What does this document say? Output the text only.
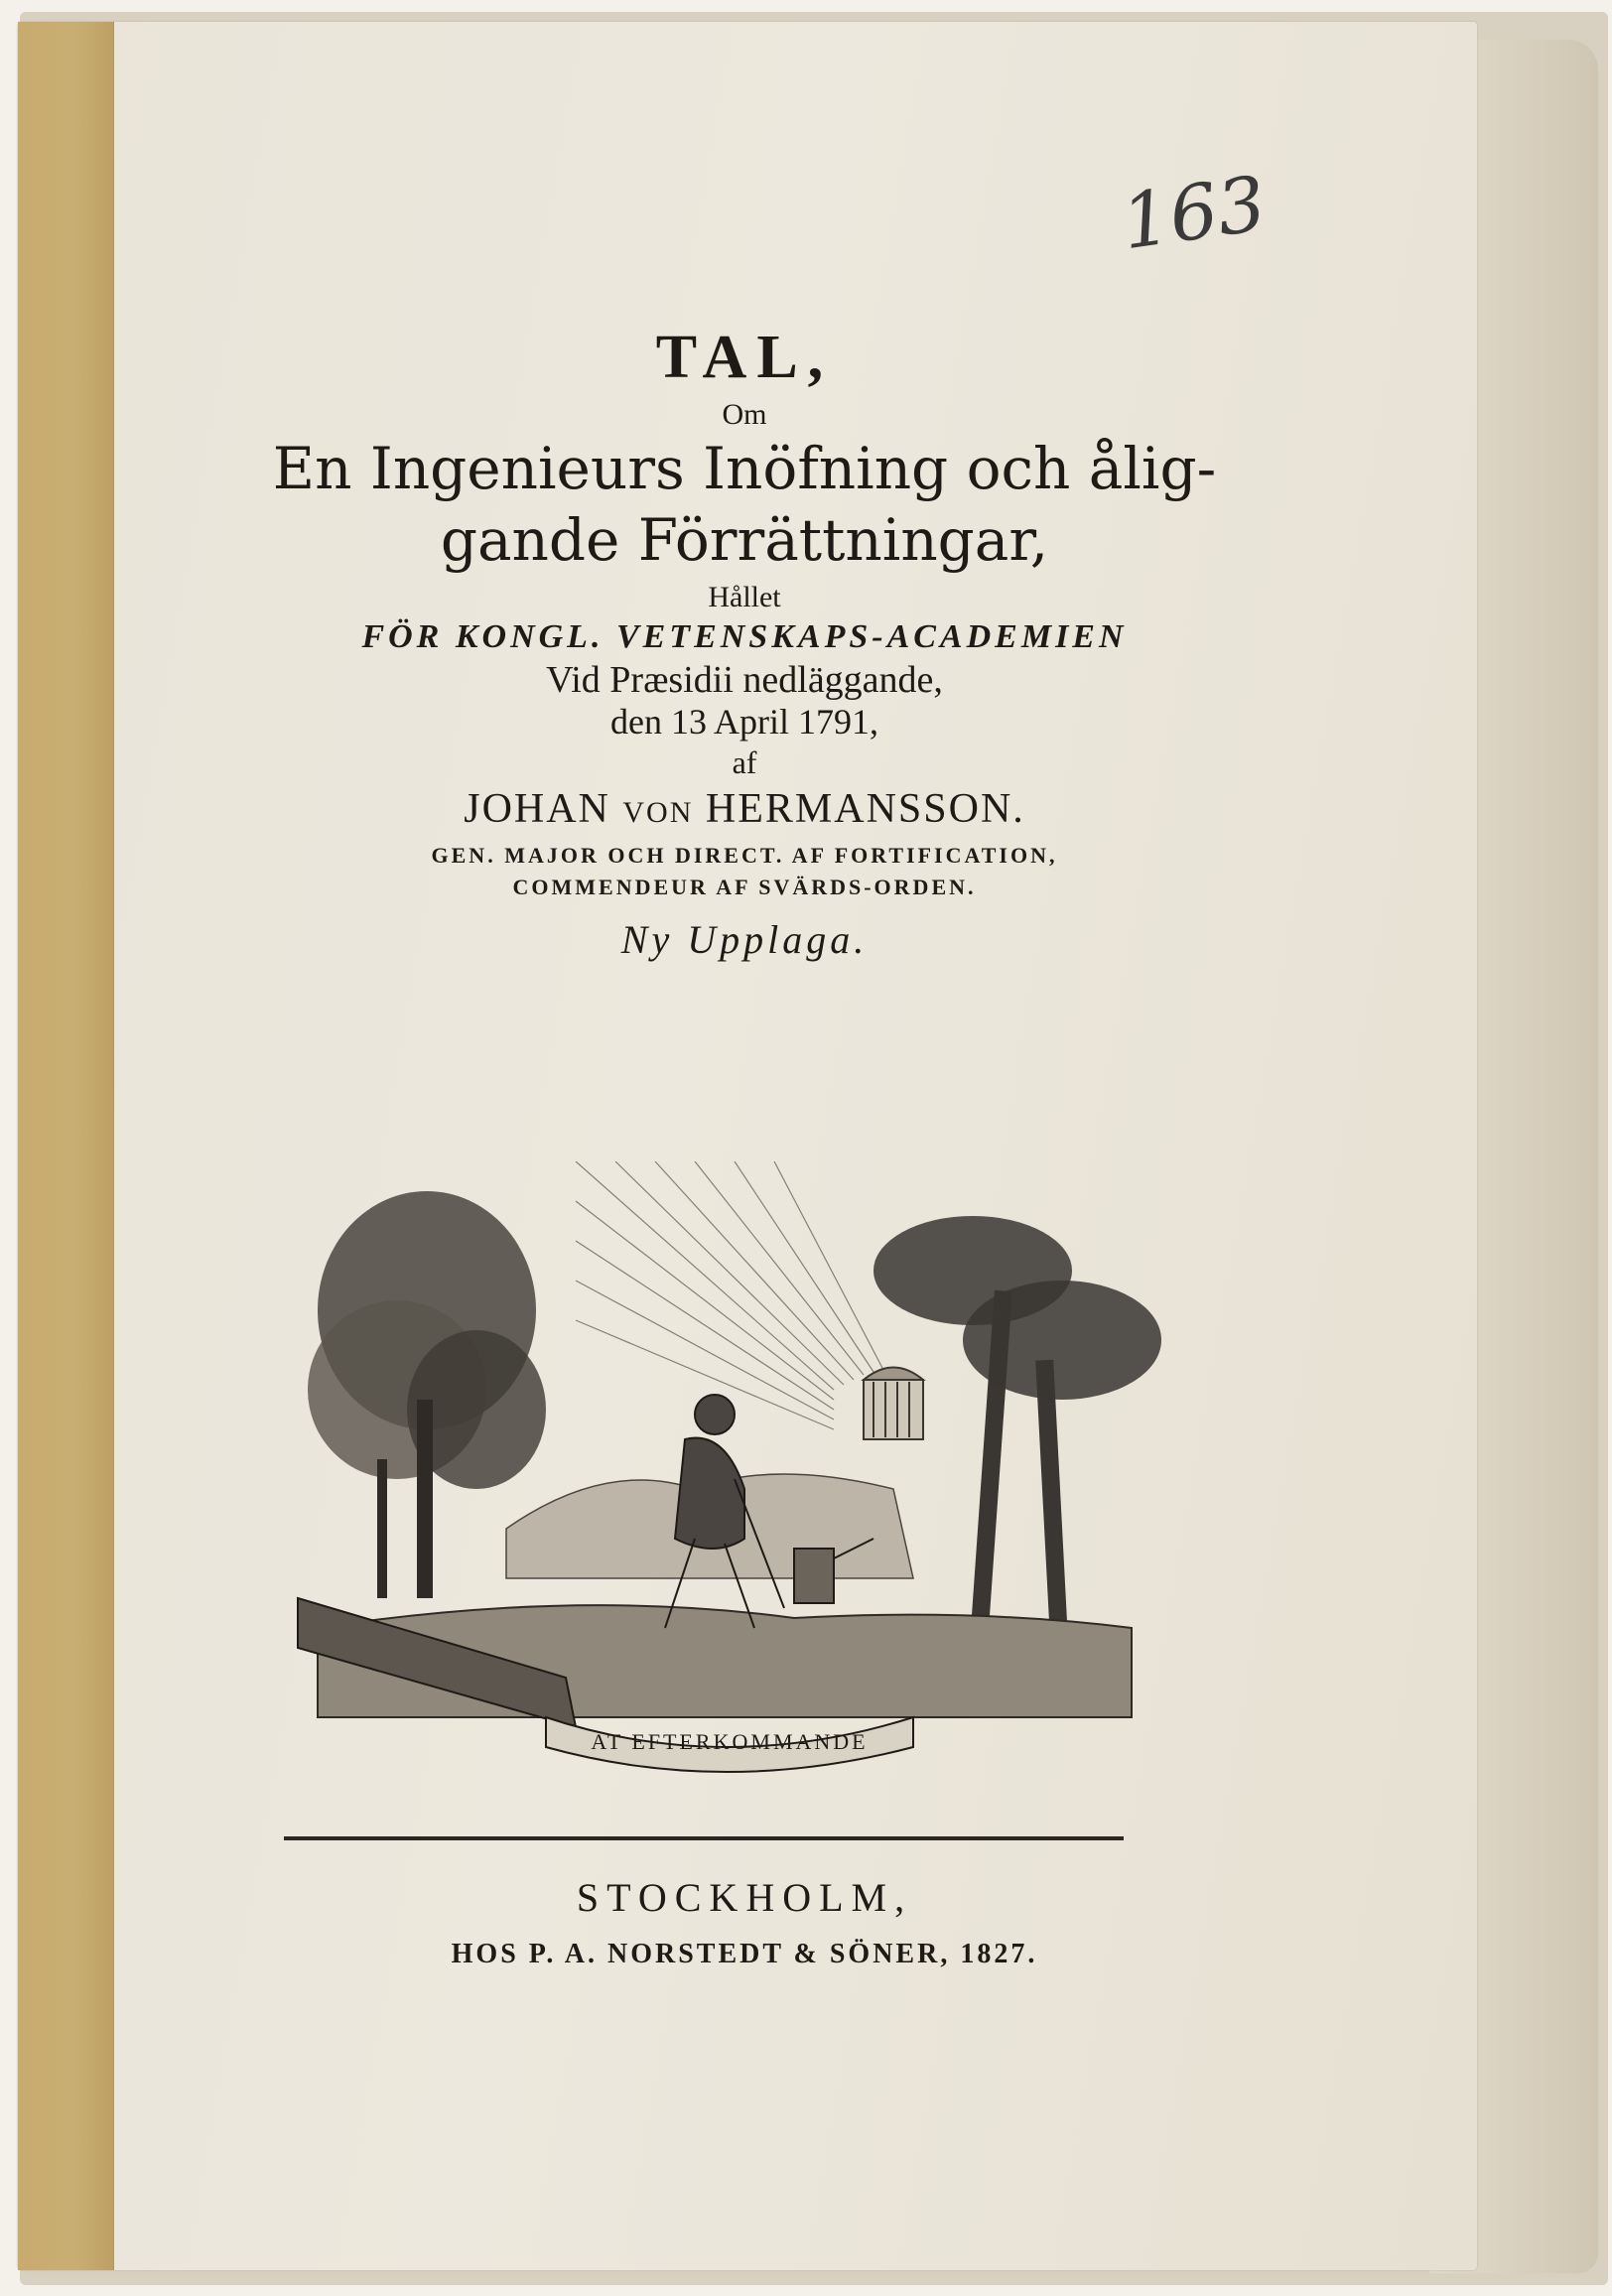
163

TAL,

Om

En Ingenieurs Inöfning och ålig-

gande Förrättningar,

Hållet

FÖR KONGL. VETENSKAPS-ACADEMIEN

Vid Præsidii nedläggande,

den 13 April 1791,

af

JOHAN VON HERMANSSON.

GEN. MAJOR OCH DIRECT. AF FORTIFICATION,

COMMENDEUR AF SVÄRDS-ORDEN.

Ny Upplaga.

AT EFTERKOMMANDE

STOCKHOLM,

HOS P. A. NORSTEDT & SÖNER, 1827.
